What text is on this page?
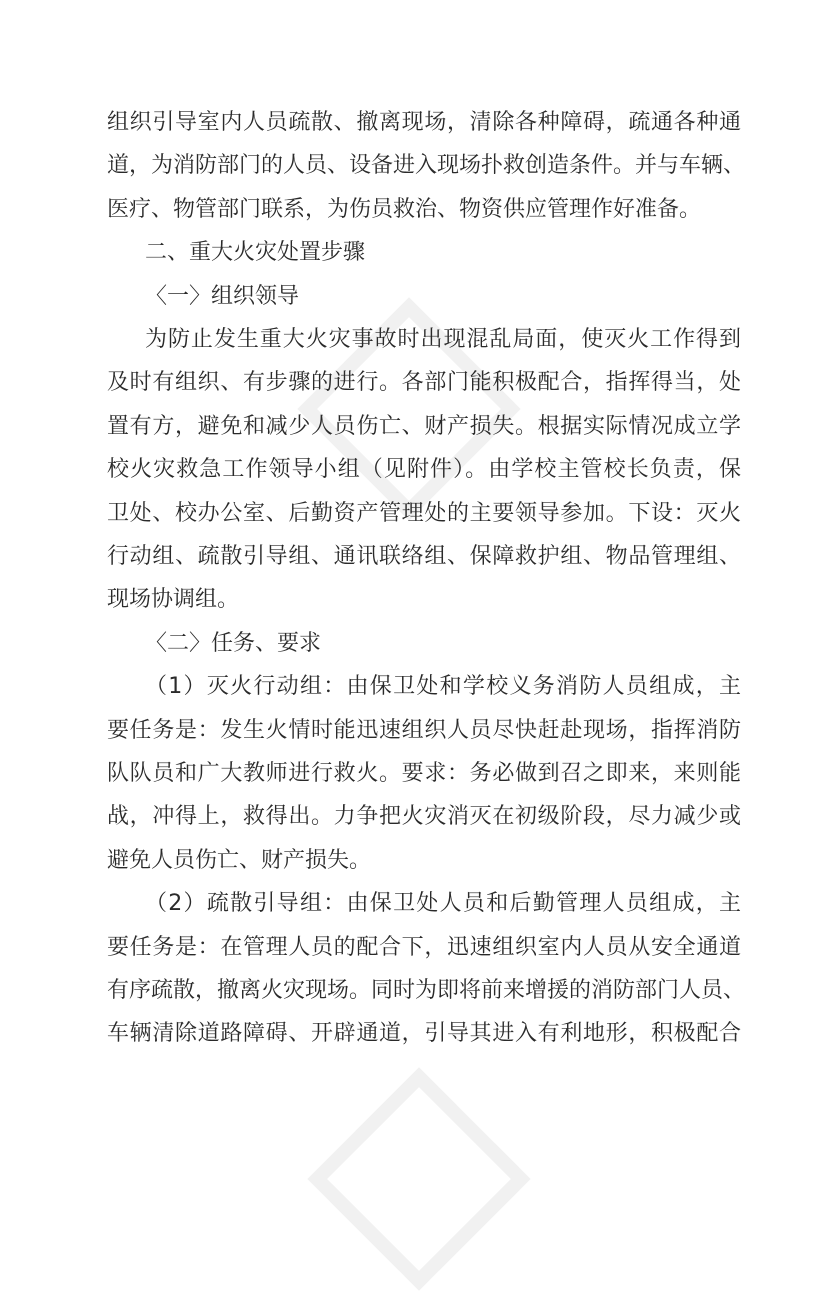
组织引导室内人员疏散、撤离现场，清除各种障碍，疏通各种通
道，为消防部门的人员、设备进入现场扑救创造条件。并与车辆、
医疗、物管部门联系，为伤员救治、物资供应管理作好准备。
二、重大火灾处置步骤
〈一〉组织领导
为防止发生重大火灾事故时出现混乱局面，使灭火工作得到
及时有组织、有步骤的进行。各部门能积极配合，指挥得当，处
置有方，避免和减少人员伤亡、财产损失。根据实际情况成立学
校火灾救急工作领导小组（见附件）。由学校主管校长负责，保
卫处、校办公室、后勤资产管理处的主要领导参加。下设：灭火
行动组、疏散引导组、通讯联络组、保障救护组、物品管理组、
现场协调组。
〈二〉任务、要求
（1）灭火行动组：由保卫处和学校义务消防人员组成，主
要任务是：发生火情时能迅速组织人员尽快赶赴现场，指挥消防
队队员和广大教师进行救火。要求：务必做到召之即来，来则能
战，冲得上，救得出。力争把火灾消灭在初级阶段，尽力减少或
避免人员伤亡、财产损失。
（2）疏散引导组：由保卫处人员和后勤管理人员组成，主
要任务是：在管理人员的配合下，迅速组织室内人员从安全通道
有序疏散，撤离火灾现场。同时为即将前来增援的消防部门人员、
车辆清除道路障碍、开辟通道，引导其进入有利地形，积极配合
